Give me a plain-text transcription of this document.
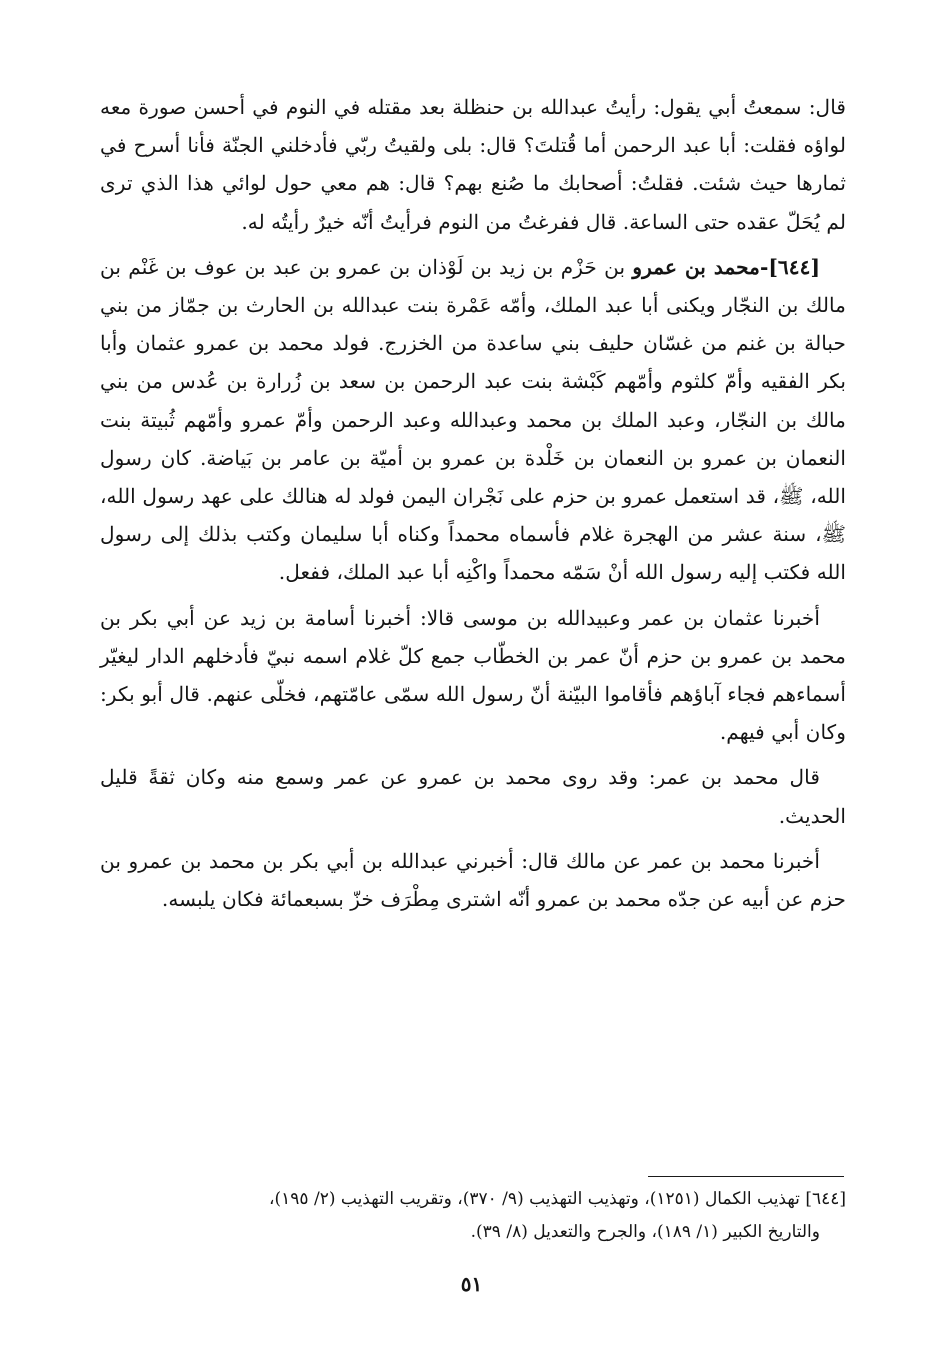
قال: سمعتُ أبي يقول: رأيتُ عبدالله بن حنظلة بعد مقتله في النوم في أحسن صورة معه لواؤه فقلت: أبا عبد الرحمن أما قُتلتَ؟ قال: بلى ولقيتُ ربّي فأدخلني الجنّة فأنا أسرح في ثمارها حيث شئت. فقلتُ: أصحابك ما صُنع بهم؟ قال: هم معي حول لوائي هذا الذي ترى لم يُحَلّ عقده حتى الساعة. قال ففرغتُ من النوم فرأيتُ أنّه خيرٌ رأيتُه له.

[٦٤٤]-محمد بن عمرو بن حَزْم بن زيد بن لَوْذان بن عمرو بن عبد بن عوف بن غَنْم بن مالك بن النجّار ويكنى أبا عبد الملك، وأمّه عَمْرة بنت عبدالله بن الحارث بن جمّاز من بني حبالة بن غنم من غسّان حليف بني ساعدة من الخزرج. فولد محمد بن عمرو عثمان وأبا بكر الفقيه وأمّ كلثوم وأمّهم كَبْشة بنت عبد الرحمن بن سعد بن زُرارة بن عُدس من بني مالك بن النجّار، وعبد الملك بن محمد وعبدالله وعبد الرحمن وأمّ عمرو وأمّهم ثُبيتة بنت النعمان بن عمرو بن النعمان بن خَلْدة بن عمرو بن أميّة بن عامر بن بَياضة. كان رسول الله، ﷺ، قد استعمل عمرو بن حزم على نَجْران اليمن فولد له هنالك على عهد رسول الله، ﷺ، سنة عشر من الهجرة غلام فأسماه محمداً وكناه أبا سليمان وكتب بذلك إلى رسول الله فكتب إليه رسول الله أنْ سَمّه محمداً واكْنِه أبا عبد الملك، ففعل.

أخبرنا عثمان بن عمر وعبيدالله بن موسى قالا: أخبرنا أسامة بن زيد عن أبي بكر بن محمد بن عمرو بن حزم أنّ عمر بن الخطّاب جمع كلّ غلام اسمه نبيّ فأدخلهم الدار ليغيّر أسماءهم فجاء آباؤهم فأقاموا البيّنة أنّ رسول الله سمّى عامّتهم، فخلّى عنهم. قال أبو بكر: وكان أبي فيهم.

قال محمد بن عمر: وقد روى محمد بن عمرو عن عمر وسمع منه وكان ثقةً قليل الحديث.

أخبرنا محمد بن عمر عن مالك قال: أخبرني عبدالله بن أبي بكر بن محمد بن عمرو بن حزم عن أبيه عن جدّه محمد بن عمرو أنّه اشترى مِطْرَف خزّ بسبعمائة فكان يلبسه.

[٦٤٤] تهذيب الكمال (١٢٥١)، وتهذيب التهذيب (٩/ ٣٧٠)، وتقريب التهذيب (٢/ ١٩٥)،

والتاريخ الكبير (١/ ١٨٩)، والجرح والتعديل (٨/ ٣٩).

٥١
